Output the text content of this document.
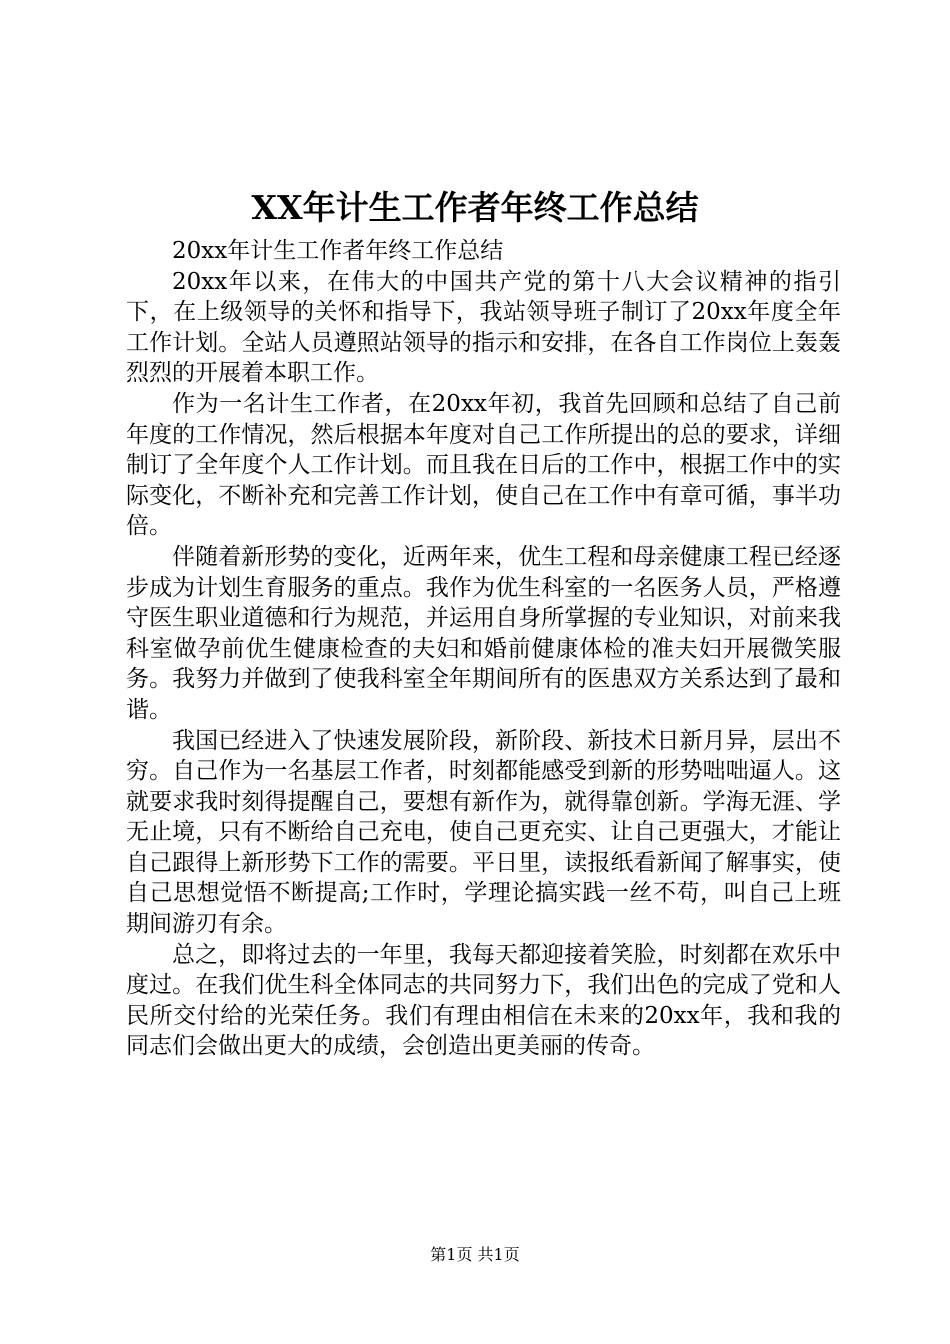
XX年计生工作者年终工作总结

20xx年计生工作者年终工作总结

20xx年以来，在伟大的中国共产党的第十八大会议精神的指引下，在上级领导的关怀和指导下，我站领导班子制订了20xx年度全年工作计划。全站人员遵照站领导的指示和安排，在各自工作岗位上轰轰烈烈的开展着本职工作。

作为一名计生工作者，在20xx年初，我首先回顾和总结了自己前年度的工作情况，然后根据本年度对自己工作所提出的总的要求，详细制订了全年度个人工作计划。而且我在日后的工作中，根据工作中的实际变化，不断补充和完善工作计划，使自己在工作中有章可循，事半功倍。

伴随着新形势的变化，近两年来，优生工程和母亲健康工程已经逐步成为计划生育服务的重点。我作为优生科室的一名医务人员，严格遵守医生职业道德和行为规范，并运用自身所掌握的专业知识，对前来我科室做孕前优生健康检查的夫妇和婚前健康体检的准夫妇开展微笑服务。我努力并做到了使我科室全年期间所有的医患双方关系达到了最和谐。

我国已经进入了快速发展阶段，新阶段、新技术日新月异，层出不穷。自己作为一名基层工作者，时刻都能感受到新的形势咄咄逼人。这就要求我时刻得提醒自己，要想有新作为，就得靠创新。学海无涯、学无止境，只有不断给自己充电，使自己更充实、让自己更强大，才能让自己跟得上新形势下工作的需要。平日里，读报纸看新闻了解事实，使自己思想觉悟不断提高;工作时，学理论搞实践一丝不苟，叫自己上班期间游刃有余。

总之，即将过去的一年里，我每天都迎接着笑脸，时刻都在欢乐中度过。在我们优生科全体同志的共同努力下，我们出色的完成了党和人民所交付给的光荣任务。我们有理由相信在未来的20xx年，我和我的同志们会做出更大的成绩，会创造出更美丽的传奇。

第1页 共1页
